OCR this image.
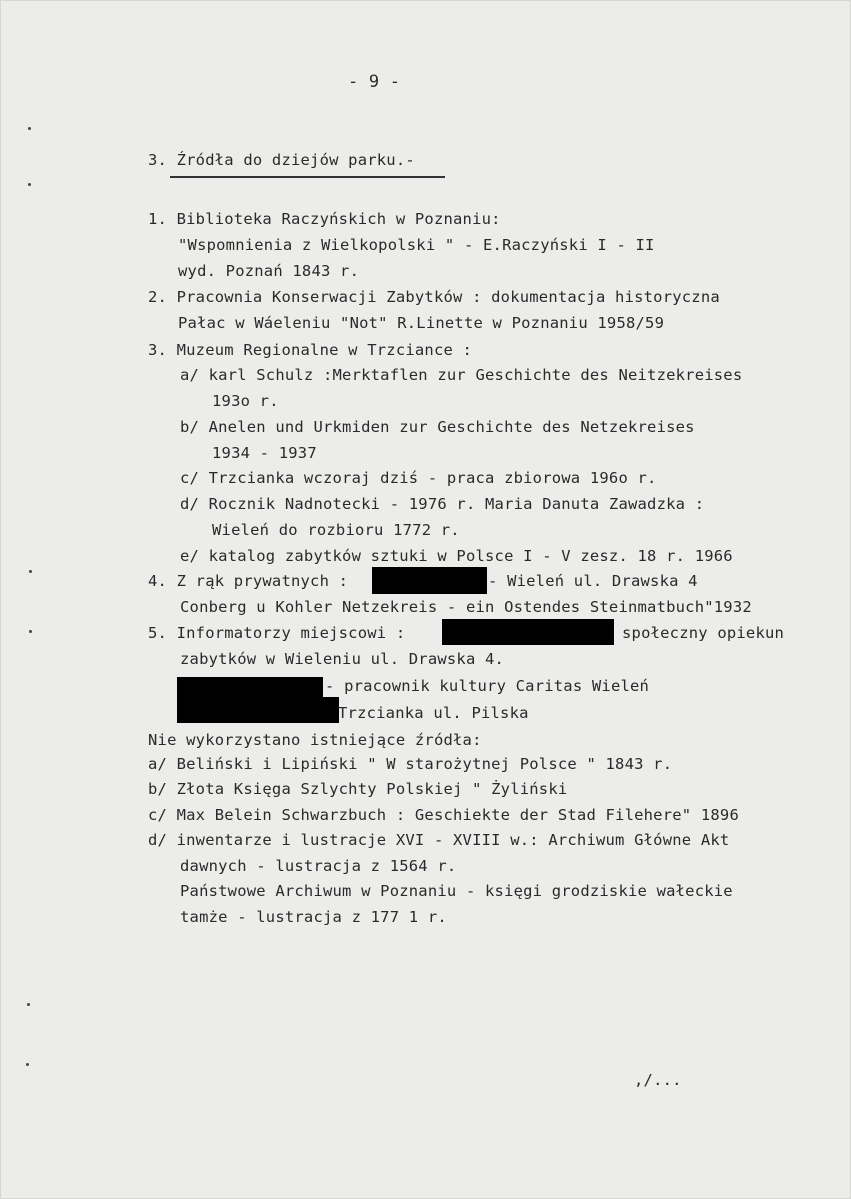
- 9 -
3. Źródła do dziejów parku.-
1. Biblioteka Raczyńskich w Poznaniu:
"Wspomnienia z Wielkopolski " - E.Raczyński I - II
wyd. Poznań 1843 r.
2. Pracownia Konserwacji Zabytków : dokumentacja historyczna
Pałac w Wáeleniu "Not" R.Linette w Poznaniu 1958/59
3. Muzeum Regionalne w Trzciance :
a/ karl Schulz :Merktaflen zur Geschichte des Neitzekreises
193o r.
b/ Anelen und Urkmiden zur Geschichte des Netzekreises
1934 - 1937
c/ Trzcianka wczoraj dziś - praca zbiorowa 196o r.
d/ Rocznik Nadnotecki - 1976 r. Maria Danuta Zawadzka :
Wieleń do rozbioru 1772 r.
e/ katalog zabytków sztuki w Polsce I - V zesz. 18 r. 1966
4. Z rąk prywatnych :	- Wieleń ul. Drawska 4
Conberg u Kohler Netzekreis - ein Ostendes Steinmatbuch"1932
5. Informatorzy miejscowi :	społeczny opiekun
zabytków w Wieleniu ul. Drawska 4.
- pracownik kultury Caritas Wieleń
Trzcianka ul. Pilska
Nie wykorzystano istniejące źródła:
a/ Beliński i Lipiński " W starożytnej Polsce " 1843 r.
b/ Złota Księga Szlychty Polskiej " Żyliński
c/ Max Belein Schwarzbuch : Geschiekte der Stad Filehere" 1896
d/ inwentarze i lustracje XVI - XVIII w.: Archiwum Główne Akt
dawnych - lustracja z 1564 r.
Państwowe Archiwum w Poznaniu - księgi grodziskie wałeckie
tamże - lustracja z 177 1 r.
,/...
